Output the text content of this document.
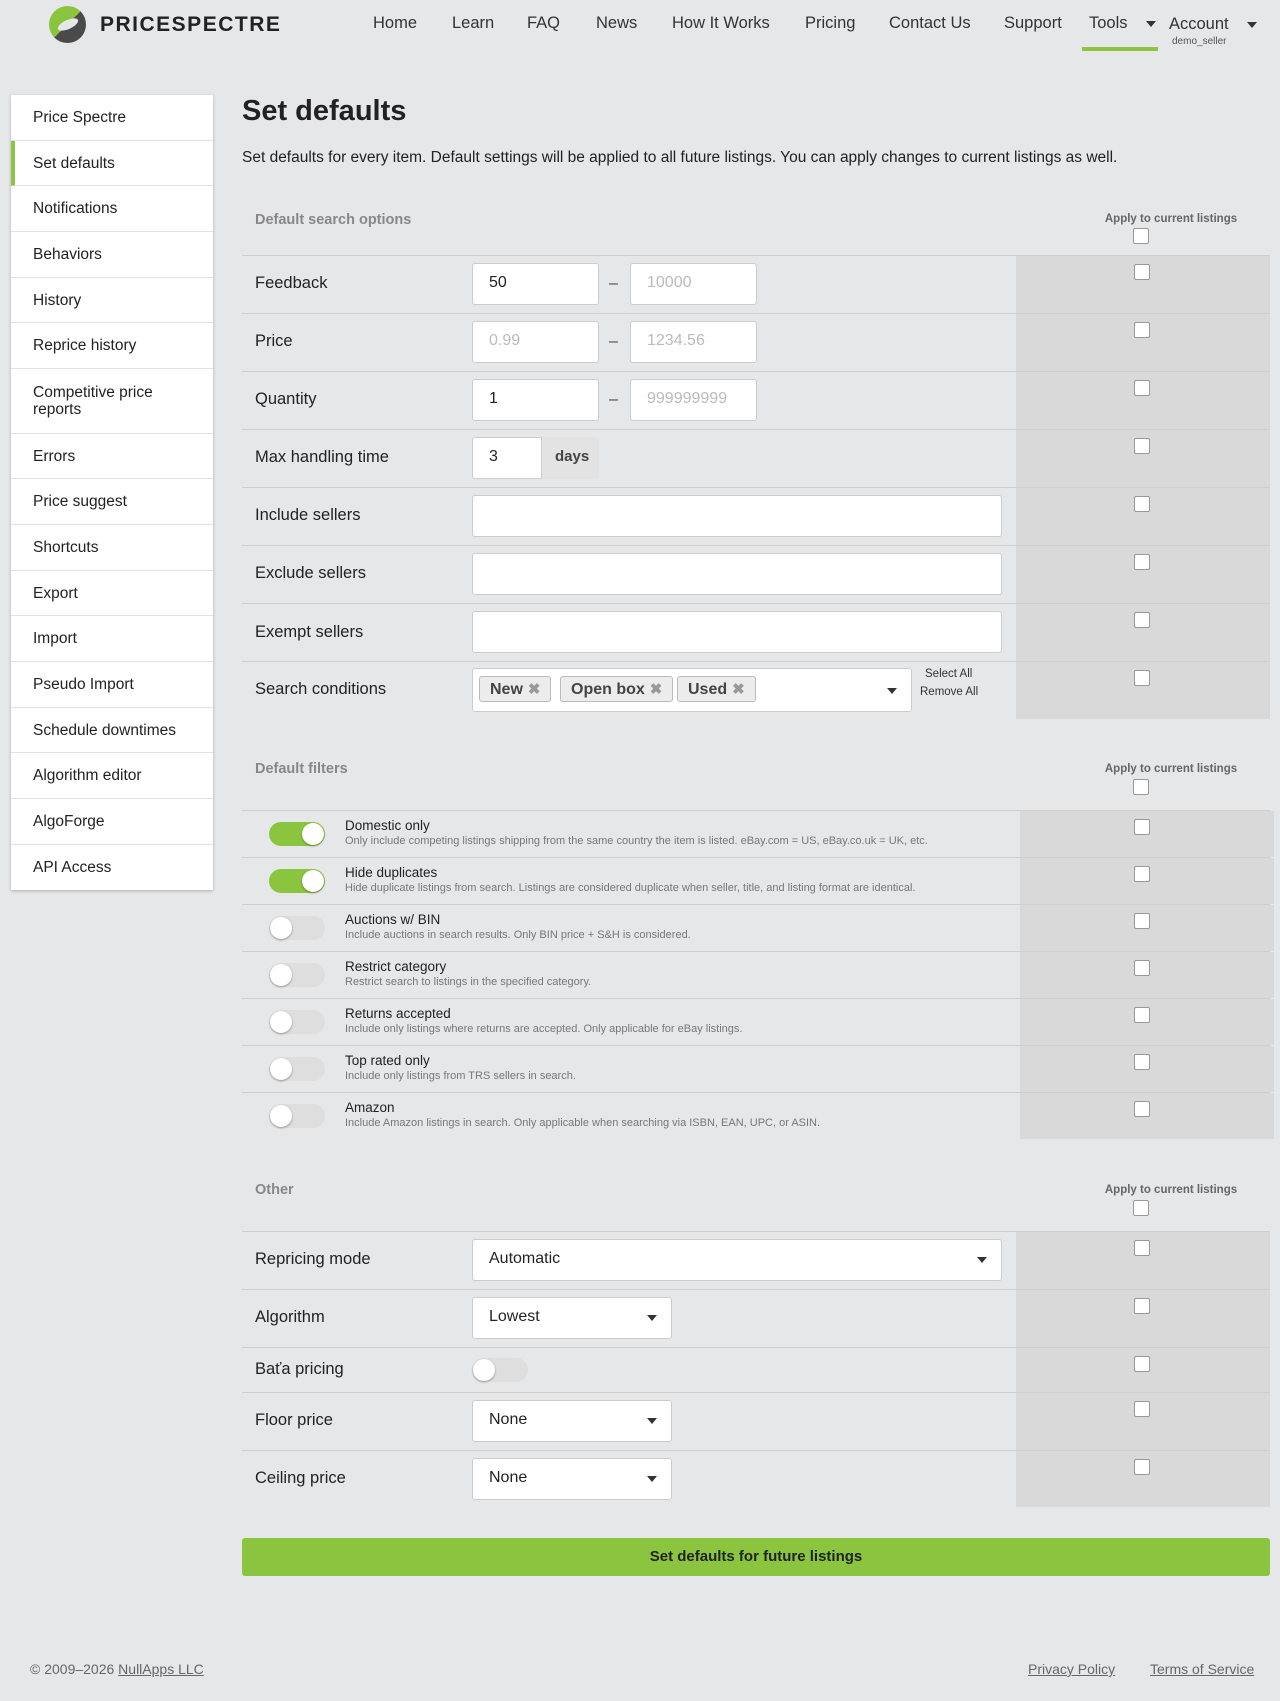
PRICESPECTRE	Home Learn FAQ News How It Works Pricing Contact Us Support Tools	Account
demo_seller
Price Spectre
Set defaults
Notifications
Behaviors
History
Reprice history
Competitive price reports
Errors
Price suggest
Shortcuts
Export
Import
Pseudo Import
Schedule downtimes
Algorithm editor
AlgoForge
API Access
Set defaults

Set defaults for every item. Default settings will be applied to all future listings. You can apply changes to current listings as well.

Default search options	Apply to current listings
Feedback	50	–	10000
Price	0.99	–	1234.56
Quantity	1	–	999999999
Max handling time	3	days
Include sellers
Exclude sellers
Exempt sellers
Search conditions	New ✖	Open box ✖	Used ✖
Select All
Remove All
Default filters	Apply to current listings
Domestic only
Only include competing listings shipping from the same country the item is listed. eBay.com = US, eBay.co.uk = UK, etc.
Hide duplicates
Hide duplicate listings from search. Listings are considered duplicate when seller, title, and listing format are identical.
Auctions w/ BIN
Include auctions in search results. Only BIN price + S&H is considered.
Restrict category
Restrict search to listings in the specified category.
Returns accepted
Include only listings where returns are accepted. Only applicable for eBay listings.
Top rated only
Include only listings from TRS sellers in search.
Amazon
Include Amazon listings in search. Only applicable when searching via ISBN, EAN, UPC, or ASIN.
Other	Apply to current listings
Repricing mode	Automatic
Algorithm	Lowest
Bаťa pricing
Floor price	None
Ceiling price	None
Set defaults for future listings
© 2009–2026 NullApps LLC	Privacy Policy Terms of Service
